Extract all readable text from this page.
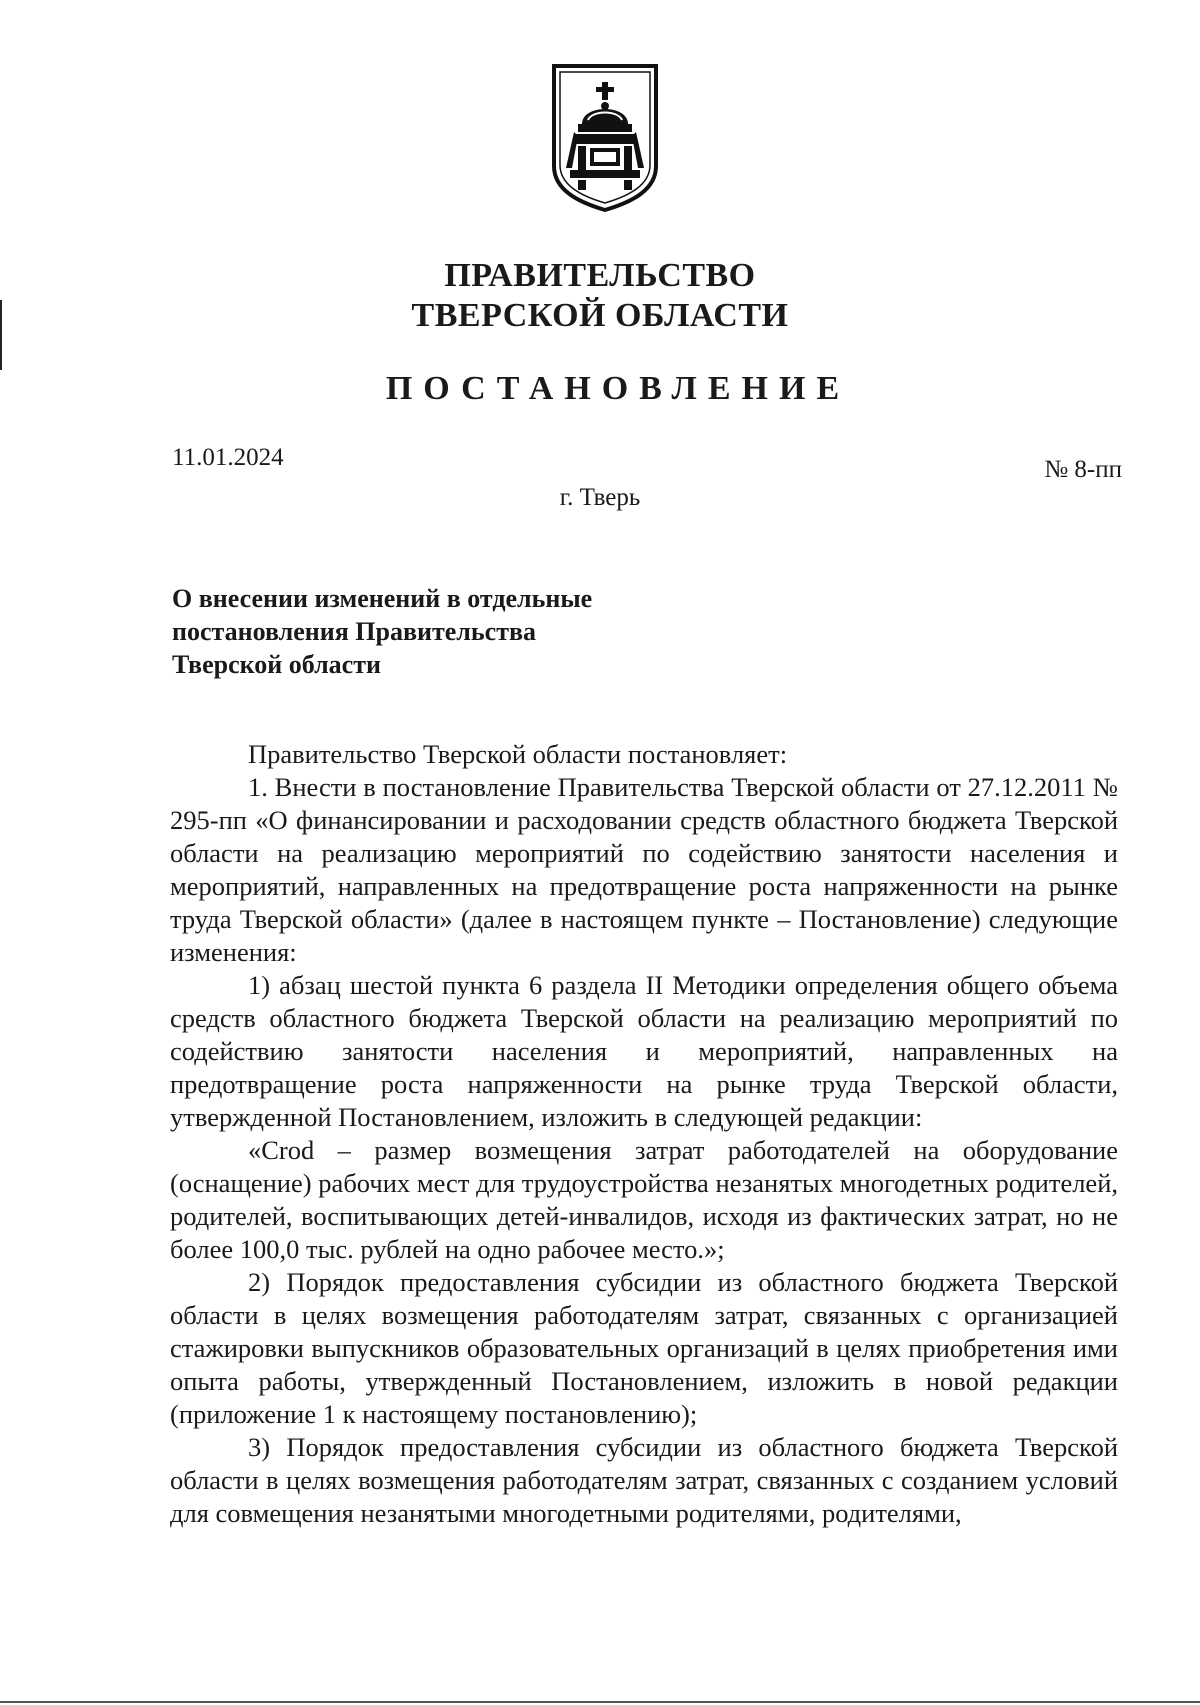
ПРАВИТЕЛЬСТВО
ТВЕРСКОЙ ОБЛАСТИ
ПОСТАНОВЛЕНИЕ
11.01.2024	№ 8-пп
г. Тверь
О внесении изменений в отдельные
постановления Правительства
Тверской области

Правительство Тверской области постановляет:

1. Внести в постановление Правительства Тверской области от 27.12.2011 № 295-пп «О финансировании и расходовании средств областного бюджета Тверской области на реализацию мероприятий по содействию занятости населения и мероприятий, направленных на предотвращение роста напряженности на рынке труда Тверской области» (далее в настоящем пункте – Постановление) следующие изменения:

1) абзац шестой пункта 6 раздела II Методики определения общего объема средств областного бюджета Тверской области на реализацию мероприятий по содействию занятости населения и мероприятий, направленных на предотвращение роста напряженности на рынке труда Тверской области, утвержденной Постановлением, изложить в следующей редакции:

«Crod – размер возмещения затрат работодателей на оборудование (оснащение) рабочих мест для трудоустройства незанятых многодетных родителей, родителей, воспитывающих детей-инвалидов, исходя из фактических затрат, но не более 100,0 тыс. рублей на одно рабочее место.»;

2) Порядок предоставления субсидии из областного бюджета Тверской области в целях возмещения работодателям затрат, связанных с организацией стажировки выпускников образовательных организаций в целях приобретения ими опыта работы, утвержденный Постановлением, изложить в новой редакции (приложение 1 к настоящему постановлению);

3) Порядок предоставления субсидии из областного бюджета Тверской области в целях возмещения работодателям затрат, связанных с созданием условий для совмещения незанятыми многодетными родителями, родителями,
